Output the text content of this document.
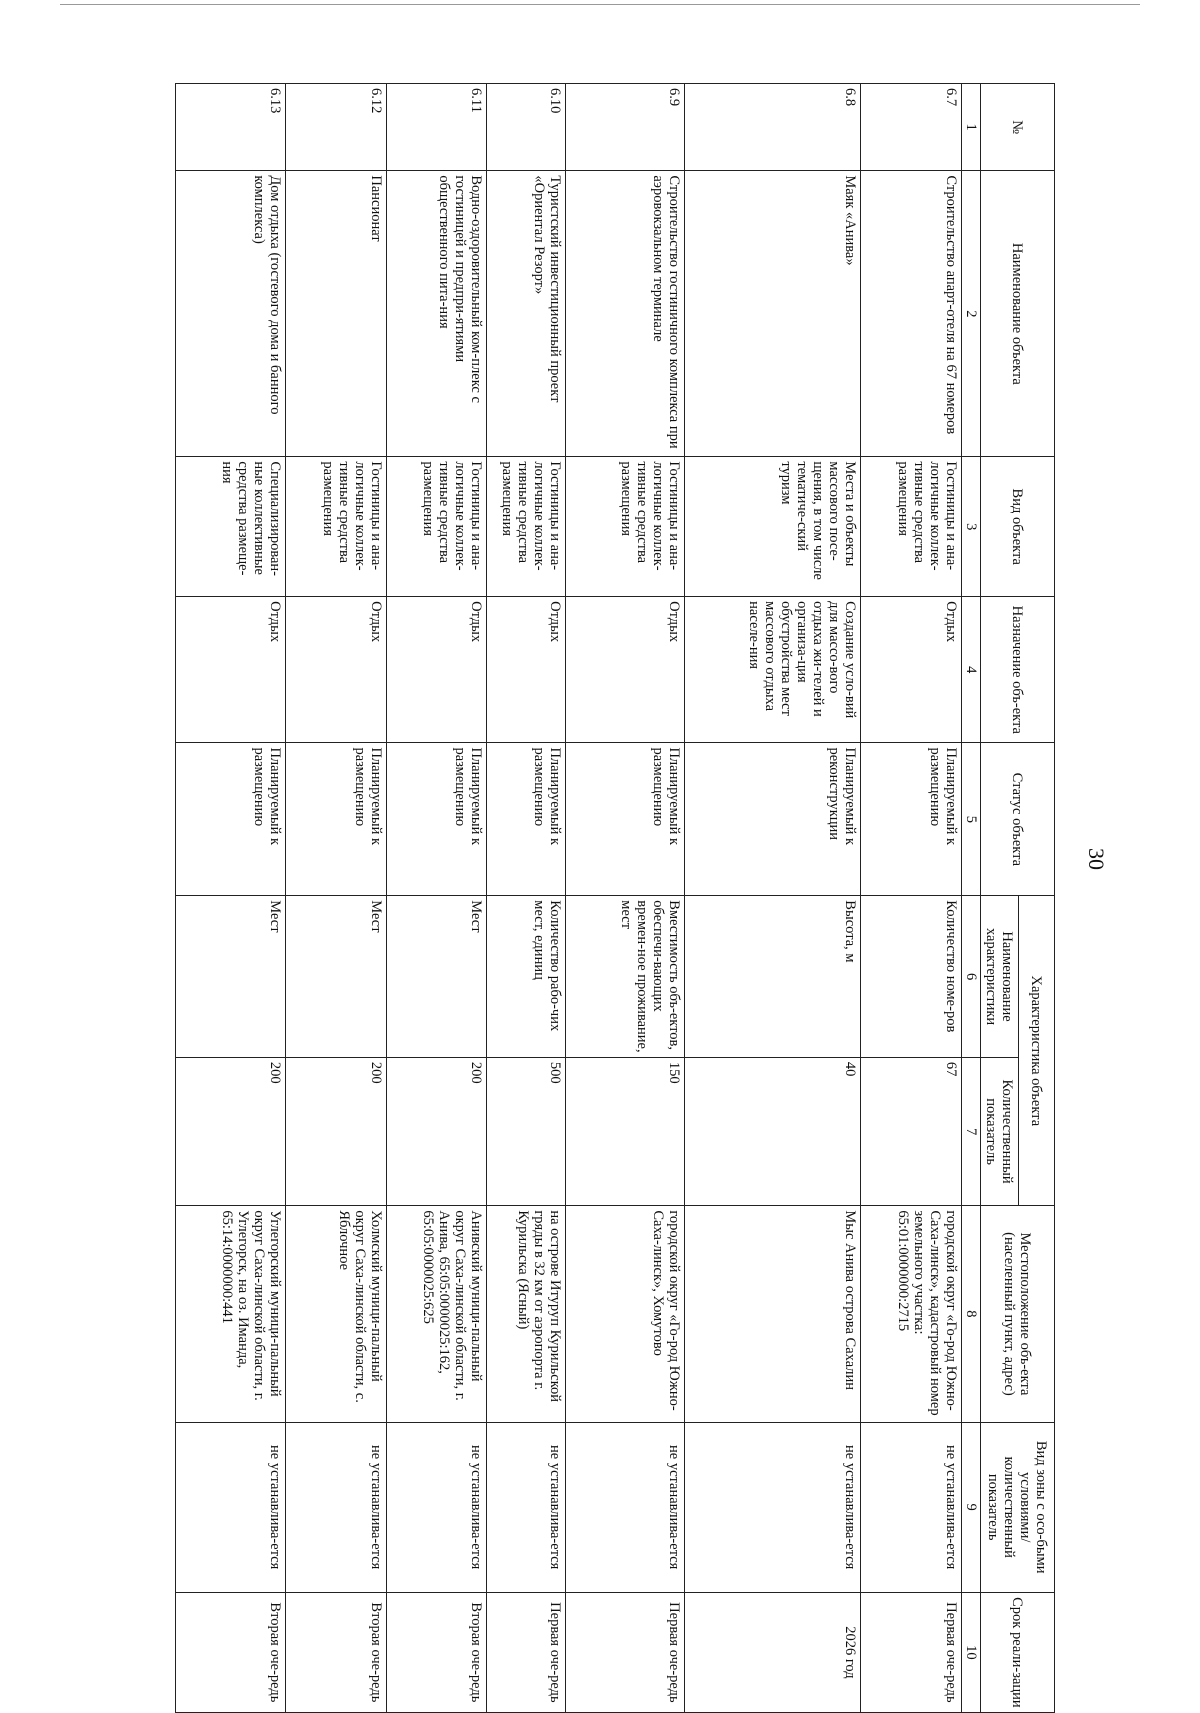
30
№	Наименование объекта	Вид объекта	Назначение объ-екта	Статус объекта	Характеристика объекта		Местоположение объ-екта (населенный пункт, адрес)	Вид зоны с осо-быми условиями/ количественный показатель	Срок реали-зации
					Наименование характеристики	Количественный показатель			
1	2	3	4	5	6	7	8	9	10
6.7	Строительство апарт-отеля на 67 номеров	Гостиницы и ана-логичные коллек-тивные средства размещения	Отдых	Планируемый к размещению	Количество номе-ров	67	городской округ «Го-род Южно-Саха-линск», кадастровый номер земельного участка: 65:01:0000000:2715	не устанавлива-ется	Первая оче-редь
6.8	Маяк «Анива»	Места и объекты массового посе-щения, в том числе тематиче-ский туризм	Создание усло-вий для массо-вого отдыха жи-телей и организа-ция обустройства мест массового отдыха населе-ния	Планируемый к реконструкции	Высота, м	40	Мыс Анива острова Сахалин	не устанавлива-ется	2026 год
6.9	Строительство гостиничного комплекса при аэровокзальном терминале	Гостиницы и ана-логичные коллек-тивные средства размещения	Отдых	Планируемый к размещению	Вместимость объ-ектов, обеспечи-вающих времен-ное проживание, мест	150	городской округ «Го-род Южно-Саха-линск», Хомутово	не устанавлива-ется	Первая оче-редь
6.10	Туристский инвестиционный проект «Ориентал Резорт»	Гостиницы и ана-логичные коллек-тивные средства размещения	Отдых	Планируемый к размещению	Количество рабо-чих мест, единиц	500	на острове Итуруп Курильской гряды в 32 км от аэропорта г. Курильска (Ясный)	не устанавлива-ется	Первая оче-редь
6.11	Водно-оздоровительный ком-плекс с гостиницей и предпри-ятиями общественного пита-ния	Гостиницы и ана-логичные коллек-тивные средства размещения	Отдых	Планируемый к размещению	Мест	200	Анивский муници-пальный округ Саха-линской области, г. Анива, 65:05:0000025:162, 65:05:0000025:625	не устанавлива-ется	Вторая оче-редь
6.12	Пансионат	Гостиницы и ана-логичные коллек-тивные средства размещения	Отдых	Планируемый к размещению	Мест	200	Холмский муници-пальный округ Саха-линской области, с. Яблочное	не устанавлива-ется	Вторая оче-редь
6.13	Дом отдыха (гостевого дома и банного комплекса)	Специализирован-ные коллективные средства размеще-ния	Отдых	Планируемый к размещению	Мест	200	Углегорский муници-пальный округ Саха-линской области, г. Углегорск, на оз. Иманда, 65:14:0000000:441	не устанавлива-ется	Вторая оче-редь
